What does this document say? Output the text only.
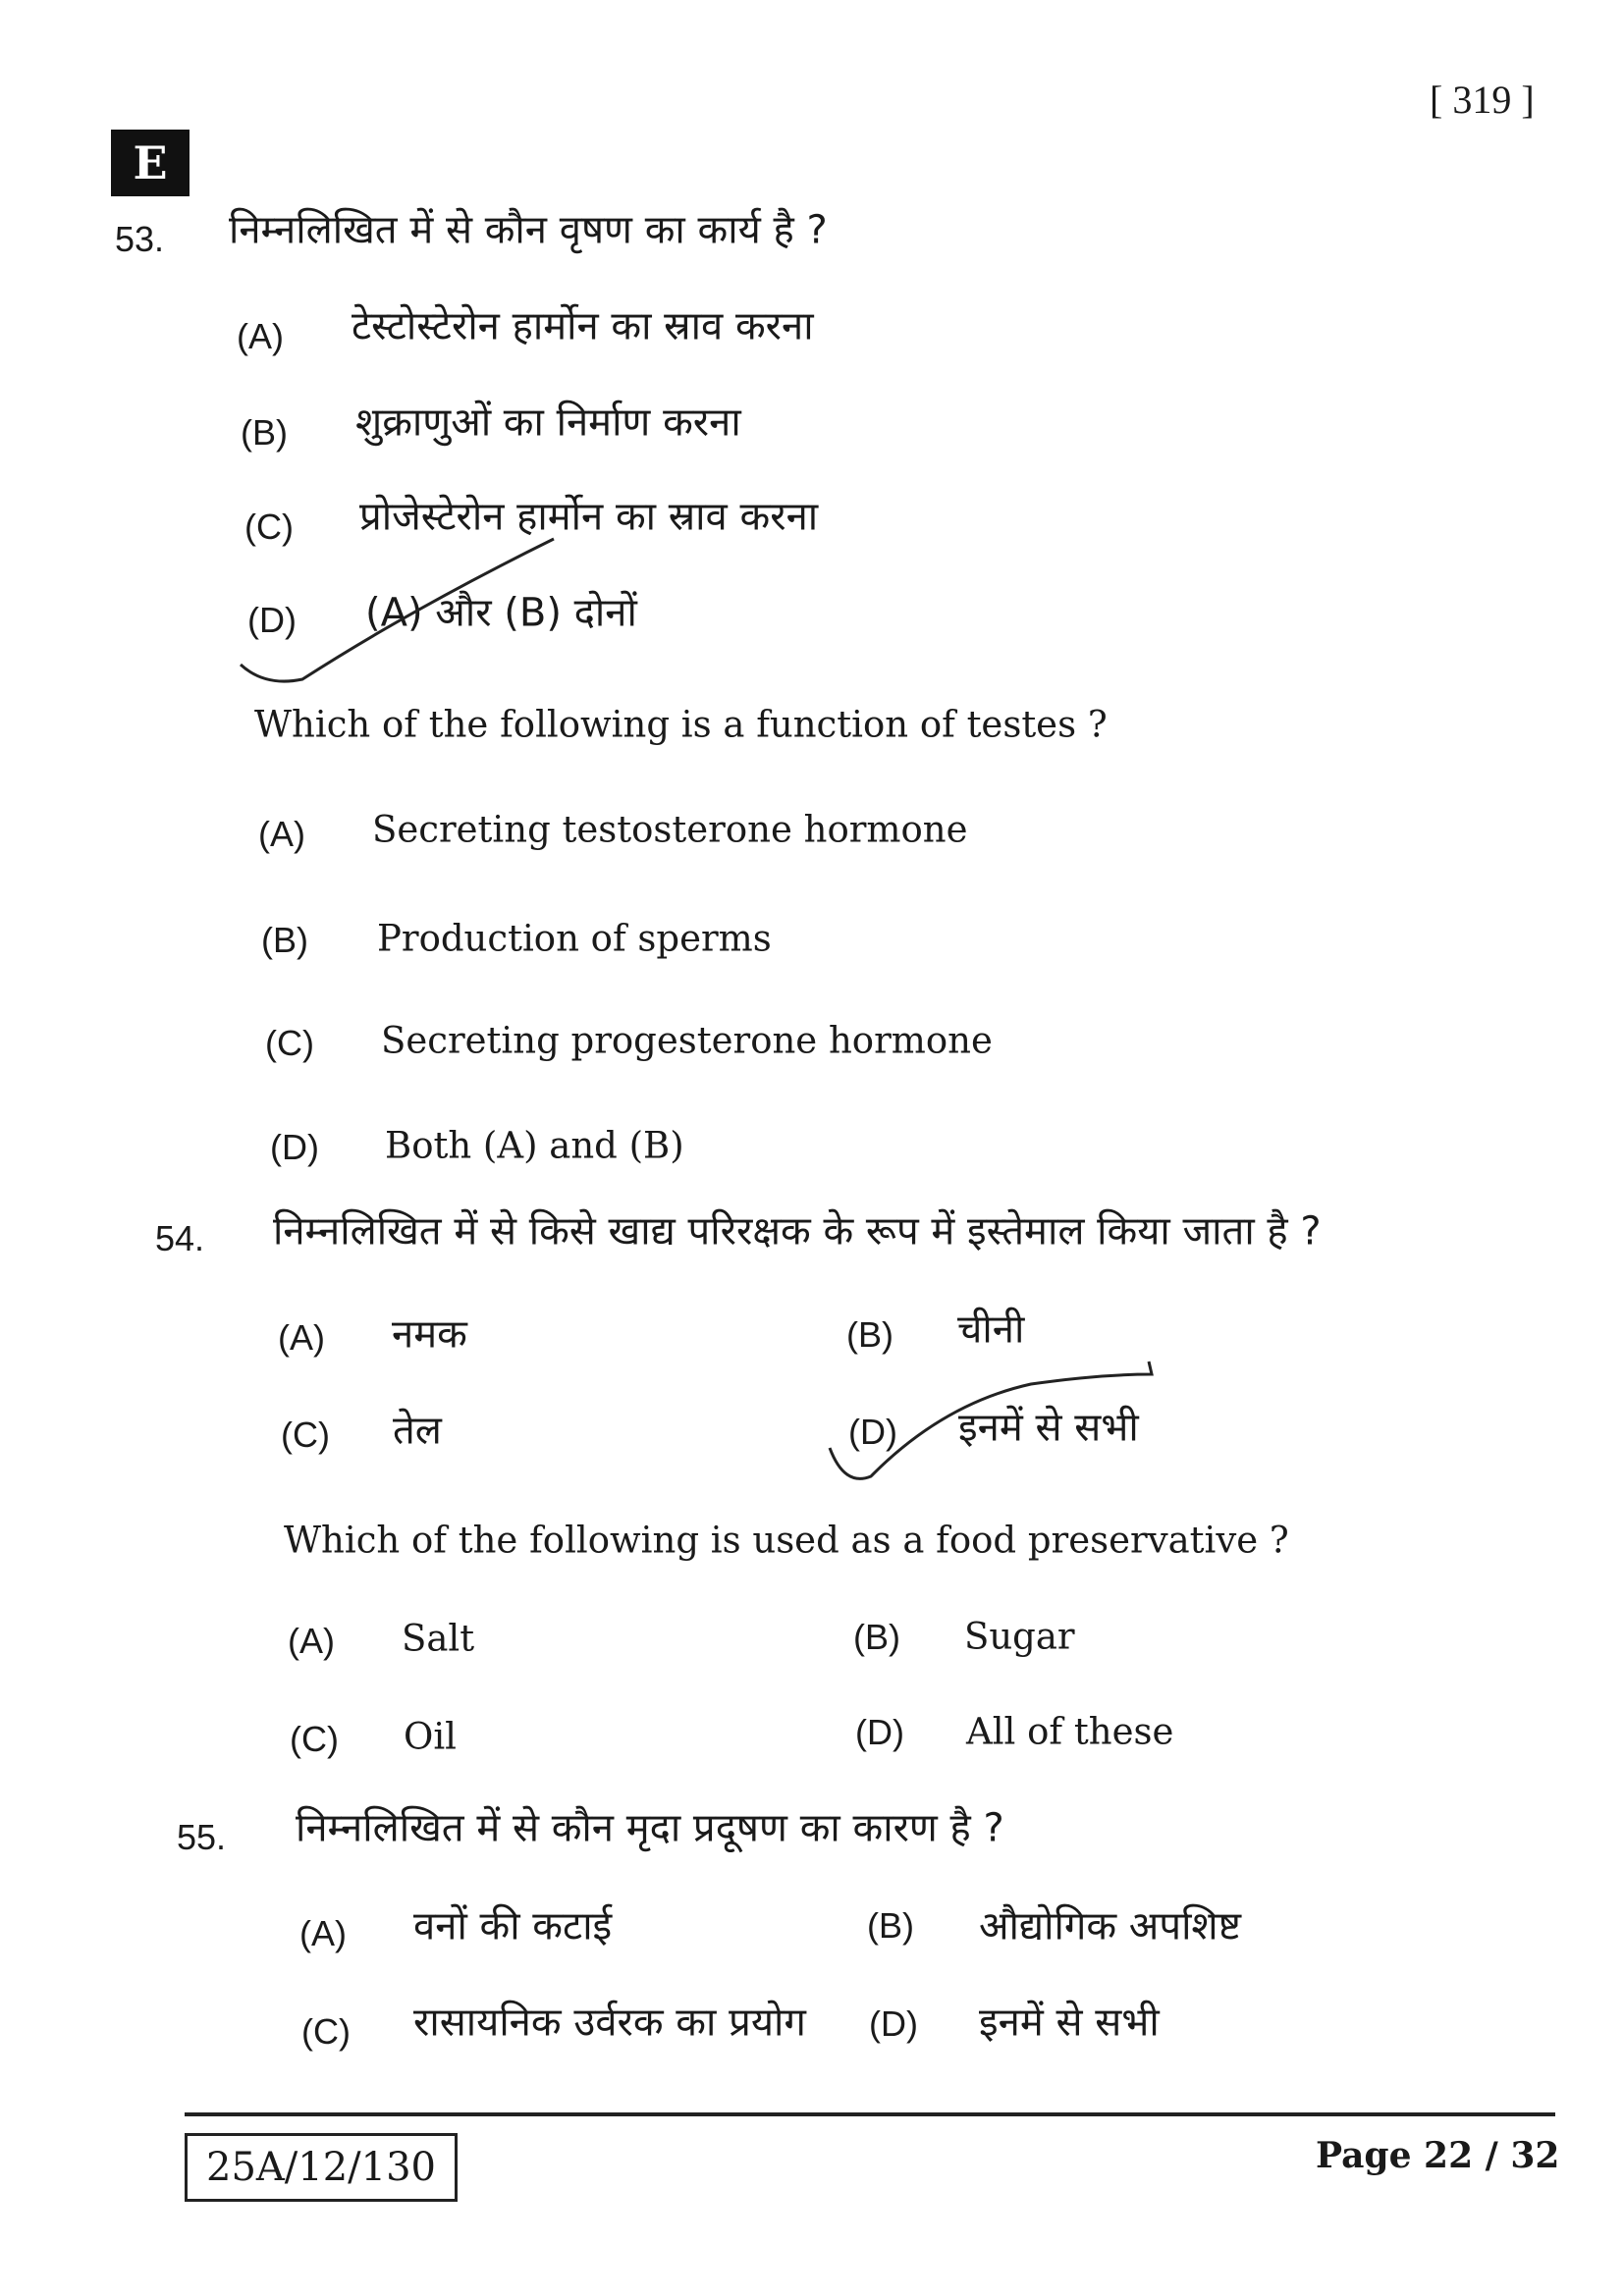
E
[ 319 ]
53. निम्नलिखित में से कौन वृषण का कार्य है ?
(A) टेस्टोस्टेरोन हार्मोन का स्राव करना
(B) शुक्राणुओं का निर्माण करना
(C) प्रोजेस्टेरोन हार्मोन का स्राव करना
(D) (A) और (B) दोनों
Which of the following is a function of testes ?
(A) Secreting testosterone hormone
(B) Production of sperms
(C) Secreting progesterone hormone
(D) Both (A) and (B)
54. निम्नलिखित में से किसे खाद्य परिरक्षक के रूप में इस्तेमाल किया जाता है ?
(A) नमक	(B) चीनी
(C) तेल	(D) इनमें से सभी
Which of the following is used as a food preservative ?
(A) Salt	(B) Sugar
(C) Oil	(D) All of these
55. निम्नलिखित में से कौन मृदा प्रदूषण का कारण है ?
(A) वनों की कटाई	(B) औद्योगिक अपशिष्ट
(C) रासायनिक उर्वरक का प्रयोग (D) इनमें से सभी
25A/12/130	Page 22 / 32
